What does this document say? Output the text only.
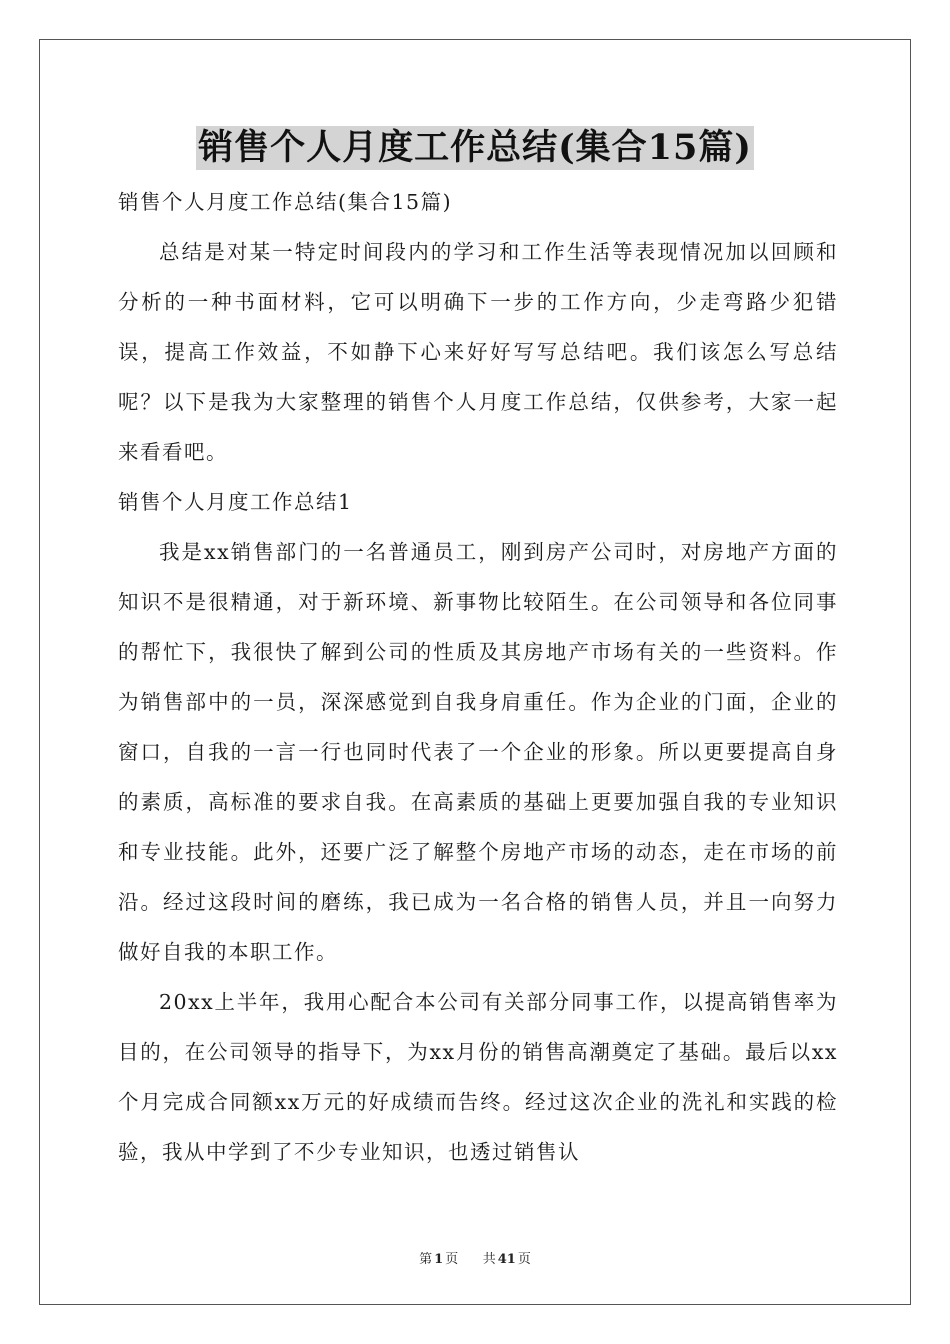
销售个人月度工作总结(集合15篇)

销售个人月度工作总结(集合15篇)

总结是对某一特定时间段内的学习和工作生活等表现情况加以回顾和分析的一种书面材料，它可以明确下一步的工作方向，少走弯路少犯错误，提高工作效益，不如静下心来好好写写总结吧。我们该怎么写总结呢？以下是我为大家整理的销售个人月度工作总结，仅供参考，大家一起来看看吧。

销售个人月度工作总结1

我是xx销售部门的一名普通员工，刚到房产公司时，对房地产方面的知识不是很精通，对于新环境、新事物比较陌生。在公司领导和各位同事的帮忙下，我很快了解到公司的性质及其房地产市场有关的一些资料。作为销售部中的一员，深深感觉到自我身肩重任。作为企业的门面，企业的窗口，自我的一言一行也同时代表了一个企业的形象。所以更要提高自身的素质，高标准的要求自我。在高素质的基础上更要加强自我的专业知识和专业技能。此外，还要广泛了解整个房地产市场的动态，走在市场的前沿。经过这段时间的磨练，我已成为一名合格的销售人员，并且一向努力做好自我的本职工作。

20xx上半年，我用心配合本公司有关部分同事工作，以提高销售率为目的，在公司领导的指导下，为xx月份的销售高潮奠定了基础。最后以xx个月完成合同额xx万元的好成绩而告终。经过这次企业的洗礼和实践的检验，我从中学到了不少专业知识，也透过销售认

第 1 页 共 41 页
